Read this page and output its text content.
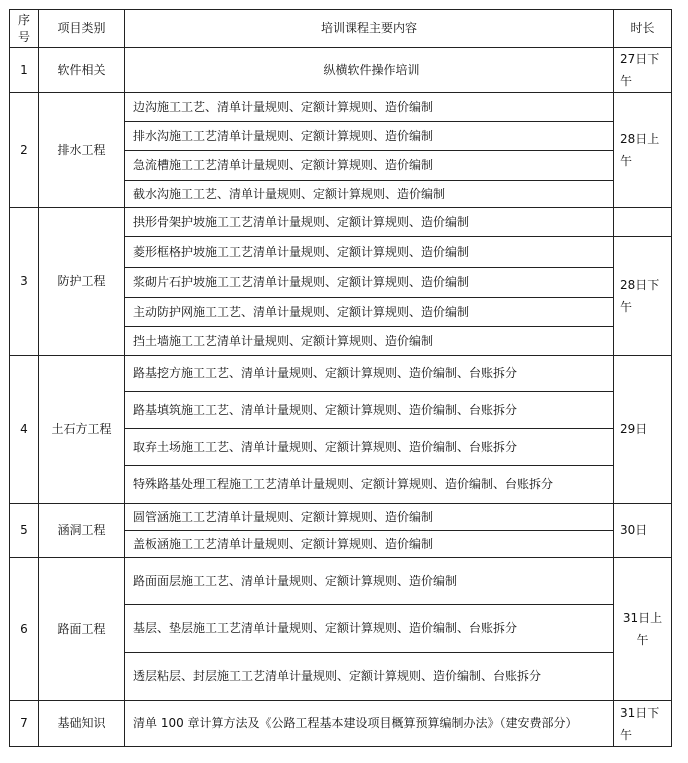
序号	项目类别	培训课程主要内容	时长
1	软件相关	纵横软件操作培训	27日下午
2	排水工程	边沟施工工艺、清单计量规则、定额计算规则、造价编制	28日上午
		排水沟施工工艺清单计量规则、定额计算规则、造价编制	
		急流槽施工工艺清单计量规则、定额计算规则、造价编制	
		截水沟施工工艺、清单计量规则、定额计算规则、造价编制	
3	防护工程	拱形骨架护坡施工工艺清单计量规则、定额计算规则、造价编制	
		菱形框格护坡施工工艺清单计量规则、定额计算规则、造价编制	28日下午
		浆砌片石护坡施工工艺清单计量规则、定额计算规则、造价编制	
		主动防护网施工工艺、清单计量规则、定额计算规则、造价编制	
		挡土墙施工工艺清单计量规则、定额计算规则、造价编制	
4	土石方工程	路基挖方施工工艺、清单计量规则、定额计算规则、造价编制、台账拆分	29日
		路基填筑施工工艺、清单计量规则、定额计算规则、造价编制、台账拆分	
		取弃土场施工工艺、清单计量规则、定额计算规则、造价编制、台账拆分	
		特殊路基处理工程施工工艺清单计量规则、定额计算规则、造价编制、台账拆分	
5	涵洞工程	圆管涵施工工艺清单计量规则、定额计算规则、造价编制	30日
		盖板涵施工工艺清单计量规则、定额计算规则、造价编制	
6	路面工程	路面面层施工工艺、清单计量规则、定额计算规则、造价编制	31日上午
		基层、垫层施工工艺清单计量规则、定额计算规则、造价编制、台账拆分	
		透层粘层、封层施工工艺清单计量规则、定额计算规则、造价编制、台账拆分	
7	基础知识	清单 100 章计算方法及《公路工程基本建设项目概算预算编制办法》（建安费部分）	31日下午
